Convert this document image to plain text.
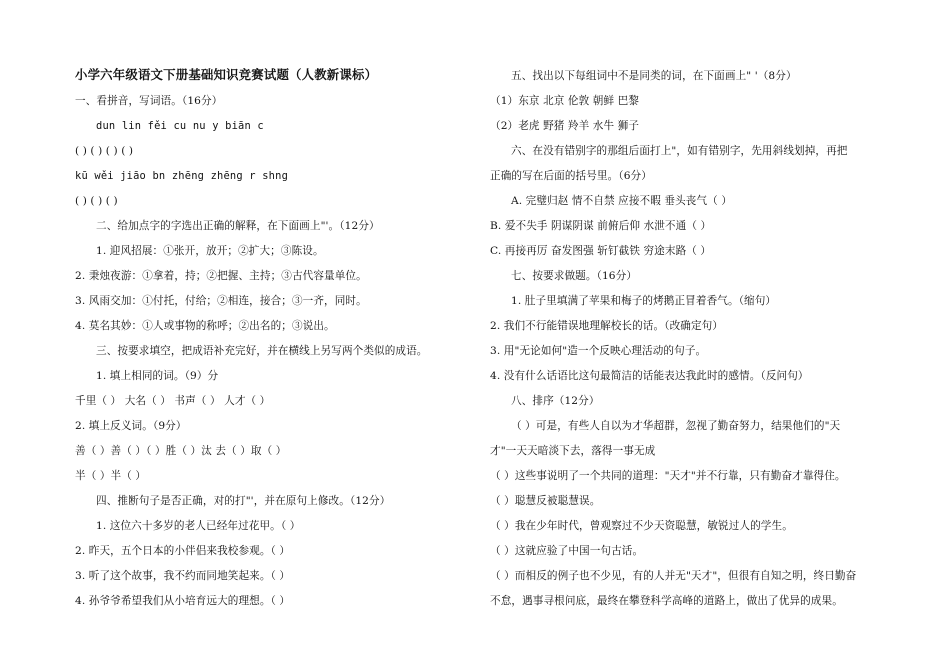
小学六年级语文下册基础知识竞赛试题（人教新课标）
一、看拼音，写词语。（16分）
dun lin fěi cu nu y biān c
( ) ( ) ( ) ( )
kū wěi jiāo bn zhēng zhēng r shng
( ) ( ) ( )
二、给加点字的字选出正确的解释，在下面画上"'。（12分）
1. 迎风招展：①张开，放开；②扩大；③陈设。
2. 秉烛夜游：①拿着，持；②把握、主持；③古代容量单位。
3. 风雨交加：①付托，付给；②相连，接合；③一齐，同时。
4. 莫名其妙：①人或事物的称呼；②出名的；③说出。
三、按要求填空，把成语补充完好，并在横线上另写两个类似的成语。
1. 填上相同的词。（9）分
千里（ ） 大名（ ） 书声（ ） 人才（ ）
2. 填上反义词。（9分）
善（ ）善（ ）（ ）胜（ ）汰 去（ ）取（ ）
半（ ）半（ ）
四、推断句子是否正确，对的打"'，并在原句上修改。（12分）
1. 这位六十多岁的老人已经年过花甲。（ ）
2. 昨天，五个日本的小伴侣来我校参观。（ ）
3. 听了这个故事，我不约而同地笑起来。（ ）
4. 孙爷爷希望我们从小培育远大的理想。（ ）
五、找出以下每组词中不是同类的词，在下面画上" '（8分）
（1）东京 北京 伦敦 朝鲜 巴黎
（2）老虎 野猪 羚羊 水牛 狮子
六、在没有错别字的那组后面打上"，如有错别字，先用斜线划掉，再把
正确的写在后面的括号里。（6分）
A. 完璧归赵 情不自禁 应接不暇 垂头丧气（ ）
B. 爱不失手 阴谋阴谋 前俯后仰 水泄不通（ ）
C. 再接再厉 奋发图强 斩钉截铁 穷途末路（ ）
七、按要求做题。（16分）
1. 肚子里填满了苹果和梅子的烤鹅正冒着香气。（缩句）
2. 我们不行能错误地理解校长的话。（改确定句）
3. 用"无论如何"造一个反映心理活动的句子。
4. 没有什么话语比这句最简洁的话能表达我此时的感情。（反问句）
八、排序（12分）
（ ）可是，有些人自以为才华超群，忽视了勤奋努力，结果他们的"天
才"一天天暗淡下去，落得一事无成
（ ）这些事说明了一个共同的道理："天才"并不行靠，只有勤奋才靠得住。
（ ）聪慧反被聪慧误。
（ ）我在少年时代，曾观察过不少天资聪慧，敏锐过人的学生。
（ ）这就应验了中国一句古话。
（ ）而相反的例子也不少见，有的人并无"天才"，但很有自知之明，终日勤奋
不怠，遇事寻根问底，最终在攀登科学高峰的道路上，做出了优异的成果。
